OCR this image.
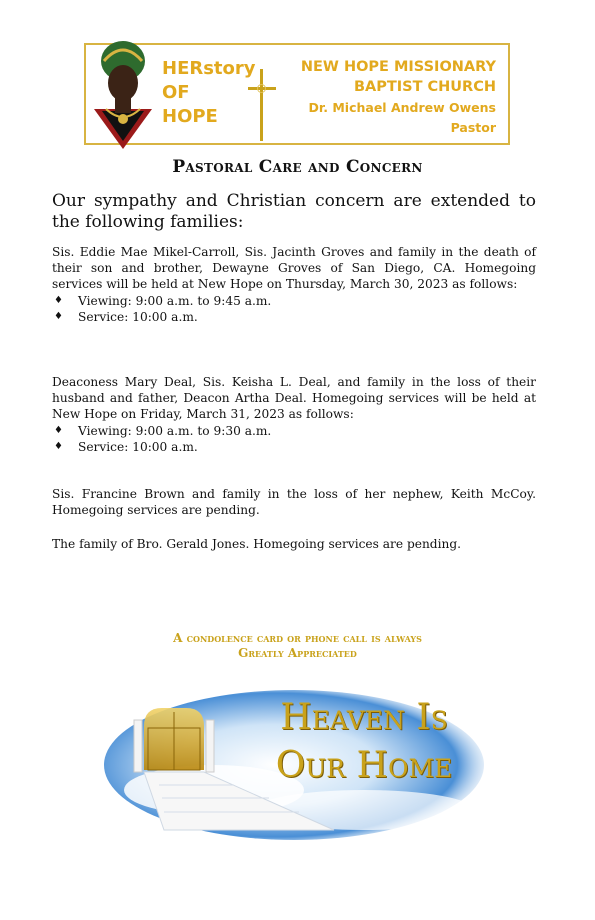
HERstory
OF
HOPE
NEW HOPE MISSIONARY
BAPTIST CHURCH
Dr. Michael Andrew Owens
Pastor
Pastoral Care and Concern
Our sympathy and Christian concern are extended to the following families:
Sis. Eddie Mae Mikel-Carroll, Sis. Jacinth Groves and family in the death of their son and brother, Dewayne Groves of San Diego, CA. Homegoing services will be held at New Hope on Thursday, March 30, 2023 as follows:
♦ Viewing: 9:00 a.m. to 9:45 a.m.
♦ Service: 10:00 a.m.
Deaconess Mary Deal, Sis. Keisha L. Deal, and family in the loss of their husband and father, Deacon Artha Deal. Homegoing services will be held at New Hope on Friday, March 31, 2023 as follows:
♦ Viewing: 9:00 a.m. to 9:30 a.m.
♦ Service: 10:00 a.m.
Sis. Francine Brown and family in the loss of her nephew, Keith McCoy. Homegoing services are pending.
The family of Bro. Gerald Jones. Homegoing services are pending.
A condolence card or phone call is always
Greatly Appreciated
Heaven Is
Our Home
